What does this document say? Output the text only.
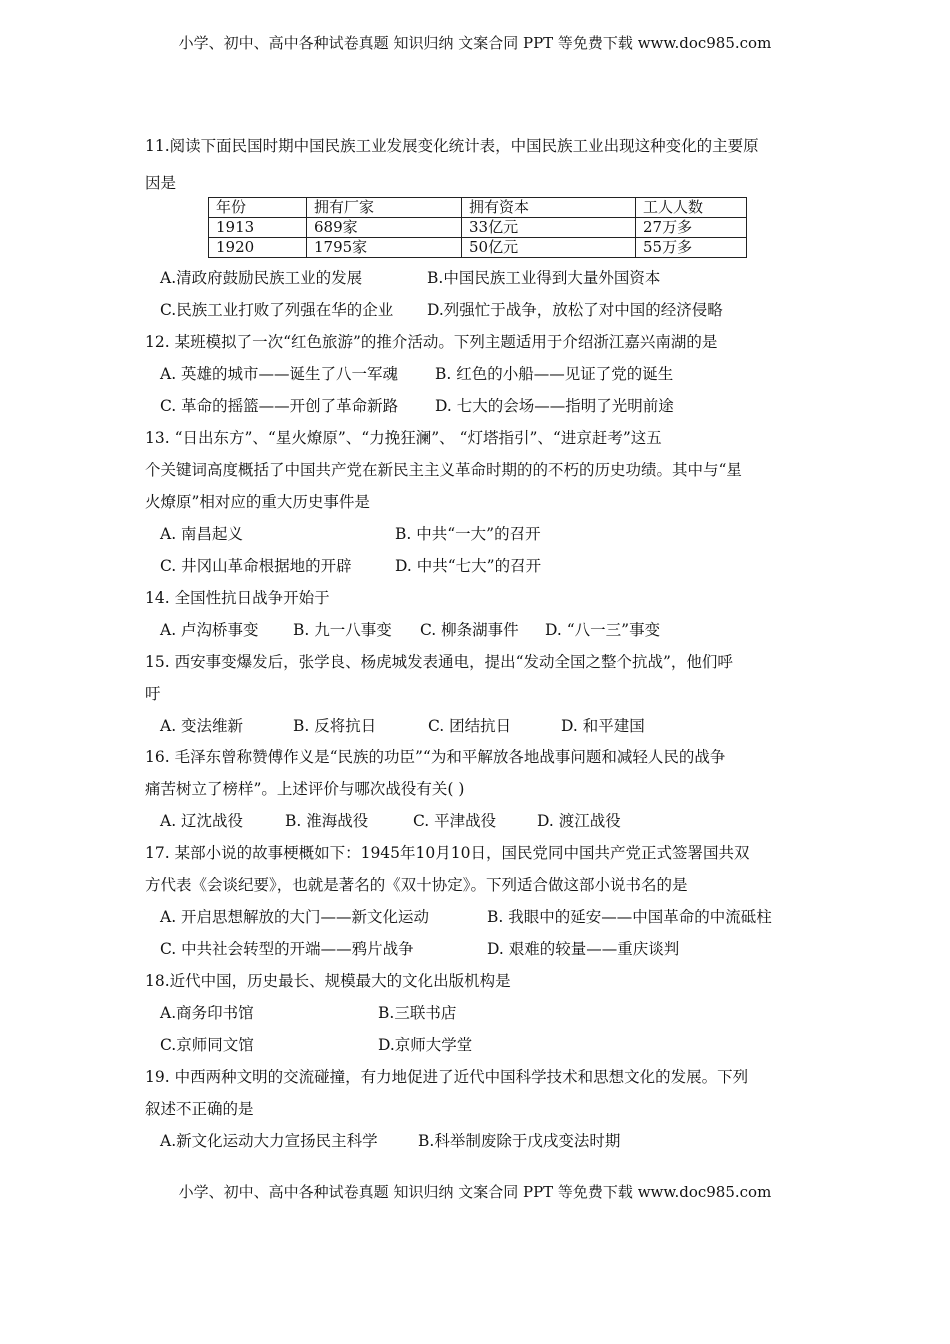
小学、初中、高中各种试卷真题 知识归纳 文案合同 PPT 等免费下载 www.doc985.com
11.阅读下面民国时期中国民族工业发展变化统计表，中国民族工业出现这种变化的主要原
因是
年份	拥有厂家	拥有资本	工人人数
1913	689家	33亿元	27万多
1920	1795家	50亿元	55万多
A.清政府鼓励民族工业的发展	B.中国民族工业得到大量外国资本
C.民族工业打败了列强在华的企业 D.列强忙于战争，放松了对中国的经济侵略
12. 某班模拟了一次“红色旅游”的推介活动。下列主题适用于介绍浙江嘉兴南湖的是
A. 英雄的城市——诞生了八一军魂 B. 红色的小船——见证了党的诞生
C. 革命的摇篮——开创了革命新路 D. 七大的会场——指明了光明前途
13. “日出东方”、“星火燎原”、“力挽狂澜”、 “灯塔指引”、“进京赶考”这五
个关键词高度概括了中国共产党在新民主主义革命时期的的不朽的历史功绩。其中与“星
火燎原”相对应的重大历史事件是
A. 南昌起义	B. 中共“一大”的召开
C. 井冈山革命根据地的开辟	D. 中共“七大”的召开
14. 全国性抗日战争开始于
A. 卢沟桥事变 B. 九一八事变 C. 柳条湖事件 D. “八一三”事变
15. 西安事变爆发后，张学良、杨虎城发表通电，提出“发动全国之整个抗战”，他们呼
吁
A. 变法维新	B. 反将抗日	C. 团结抗日	D. 和平建国
16. 毛泽东曾称赞傅作义是“民族的功臣”“为和平解放各地战事问题和减轻人民的战争
痛苦树立了榜样”。上述评价与哪次战役有关( )
A. 辽沈战役	B. 淮海战役	C. 平津战役	D. 渡江战役
17. 某部小说的故事梗概如下：1945年10月10日，国民党同中国共产党正式签署国共双
方代表《会谈纪要》，也就是著名的《双十协定》。下列适合做这部小说书名的是
A. 开启思想解放的大门——新文化运动	B. 我眼中的延安——中国革命的中流砥柱
C. 中共社会转型的开端——鸦片战争	D. 艰难的较量——重庆谈判
18.近代中国，历史最长、规模最大的文化出版机构是
A.商务印书馆	B.三联书店
C.京师同文馆	D.京师大学堂
19. 中西两种文明的交流碰撞，有力地促进了近代中国科学技术和思想文化的发展。下列
叙述不正确的是
A.新文化运动大力宣扬民主科学	B.科举制废除于戊戌变法时期
小学、初中、高中各种试卷真题 知识归纳 文案合同 PPT 等免费下载 www.doc985.com
